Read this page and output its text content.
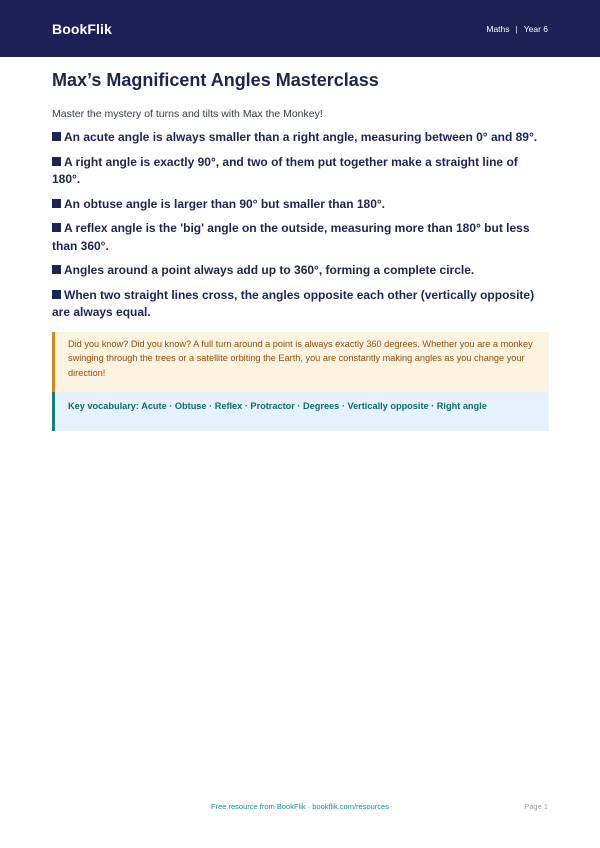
BookFlik	Maths | Year 6
Max’s Magnificent Angles Masterclass
Master the mystery of turns and tilts with Max the Monkey!
An acute angle is always smaller than a right angle, measuring between 0° and 89°.
A right angle is exactly 90°, and two of them put together make a straight line of 180°.
An obtuse angle is larger than 90° but smaller than 180°.
A reflex angle is the 'big' angle on the outside, measuring more than 180° but less than 360°.
Angles around a point always add up to 360°, forming a complete circle.
When two straight lines cross, the angles opposite each other (vertically opposite) are always equal.
Did you know? Did you know? A full turn around a point is always exactly 360 degrees. Whether you are a monkey swinging through the trees or a satellite orbiting the Earth, you are constantly making angles as you change your direction!
Key vocabulary: Acute · Obtuse · Reflex · Protractor · Degrees · Vertically opposite · Right angle
Free resource from BookFlik · bookflik.com/resources	Page 1
